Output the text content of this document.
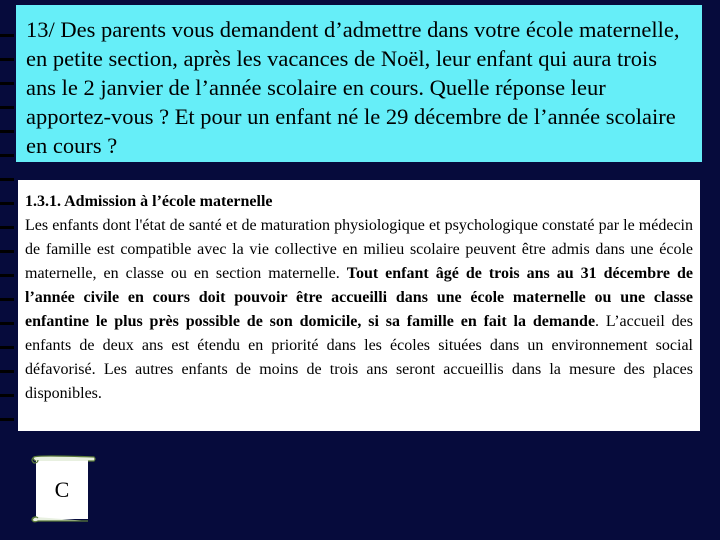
13/ Des parents vous demandent d’admettre dans votre école maternelle, en petite section, après les vacances de Noël, leur enfant qui aura trois ans le 2 janvier de l’année scolaire en cours. Quelle réponse leur apportez-vous ? Et pour un enfant né le 29 décembre de l’année scolaire en cours ?
1.3.1. Admission à l’école maternelle
Les enfants dont l'état de santé et de maturation physiologique et psychologique constaté par le médecin de famille est compatible avec la vie collective en milieu scolaire peuvent être admis dans une école maternelle, en classe ou en section maternelle. Tout enfant âgé de trois ans au 31 décembre de l’année civile en cours doit pouvoir être accueilli dans une école maternelle ou une classe enfantine le plus près possible de son domicile, si sa famille en fait la demande. L’accueil des enfants de deux ans est étendu en priorité dans les écoles situées dans un environnement social défavorisé. Les autres enfants de moins de trois ans seront accueillis dans la mesure des places disponibles.
C
